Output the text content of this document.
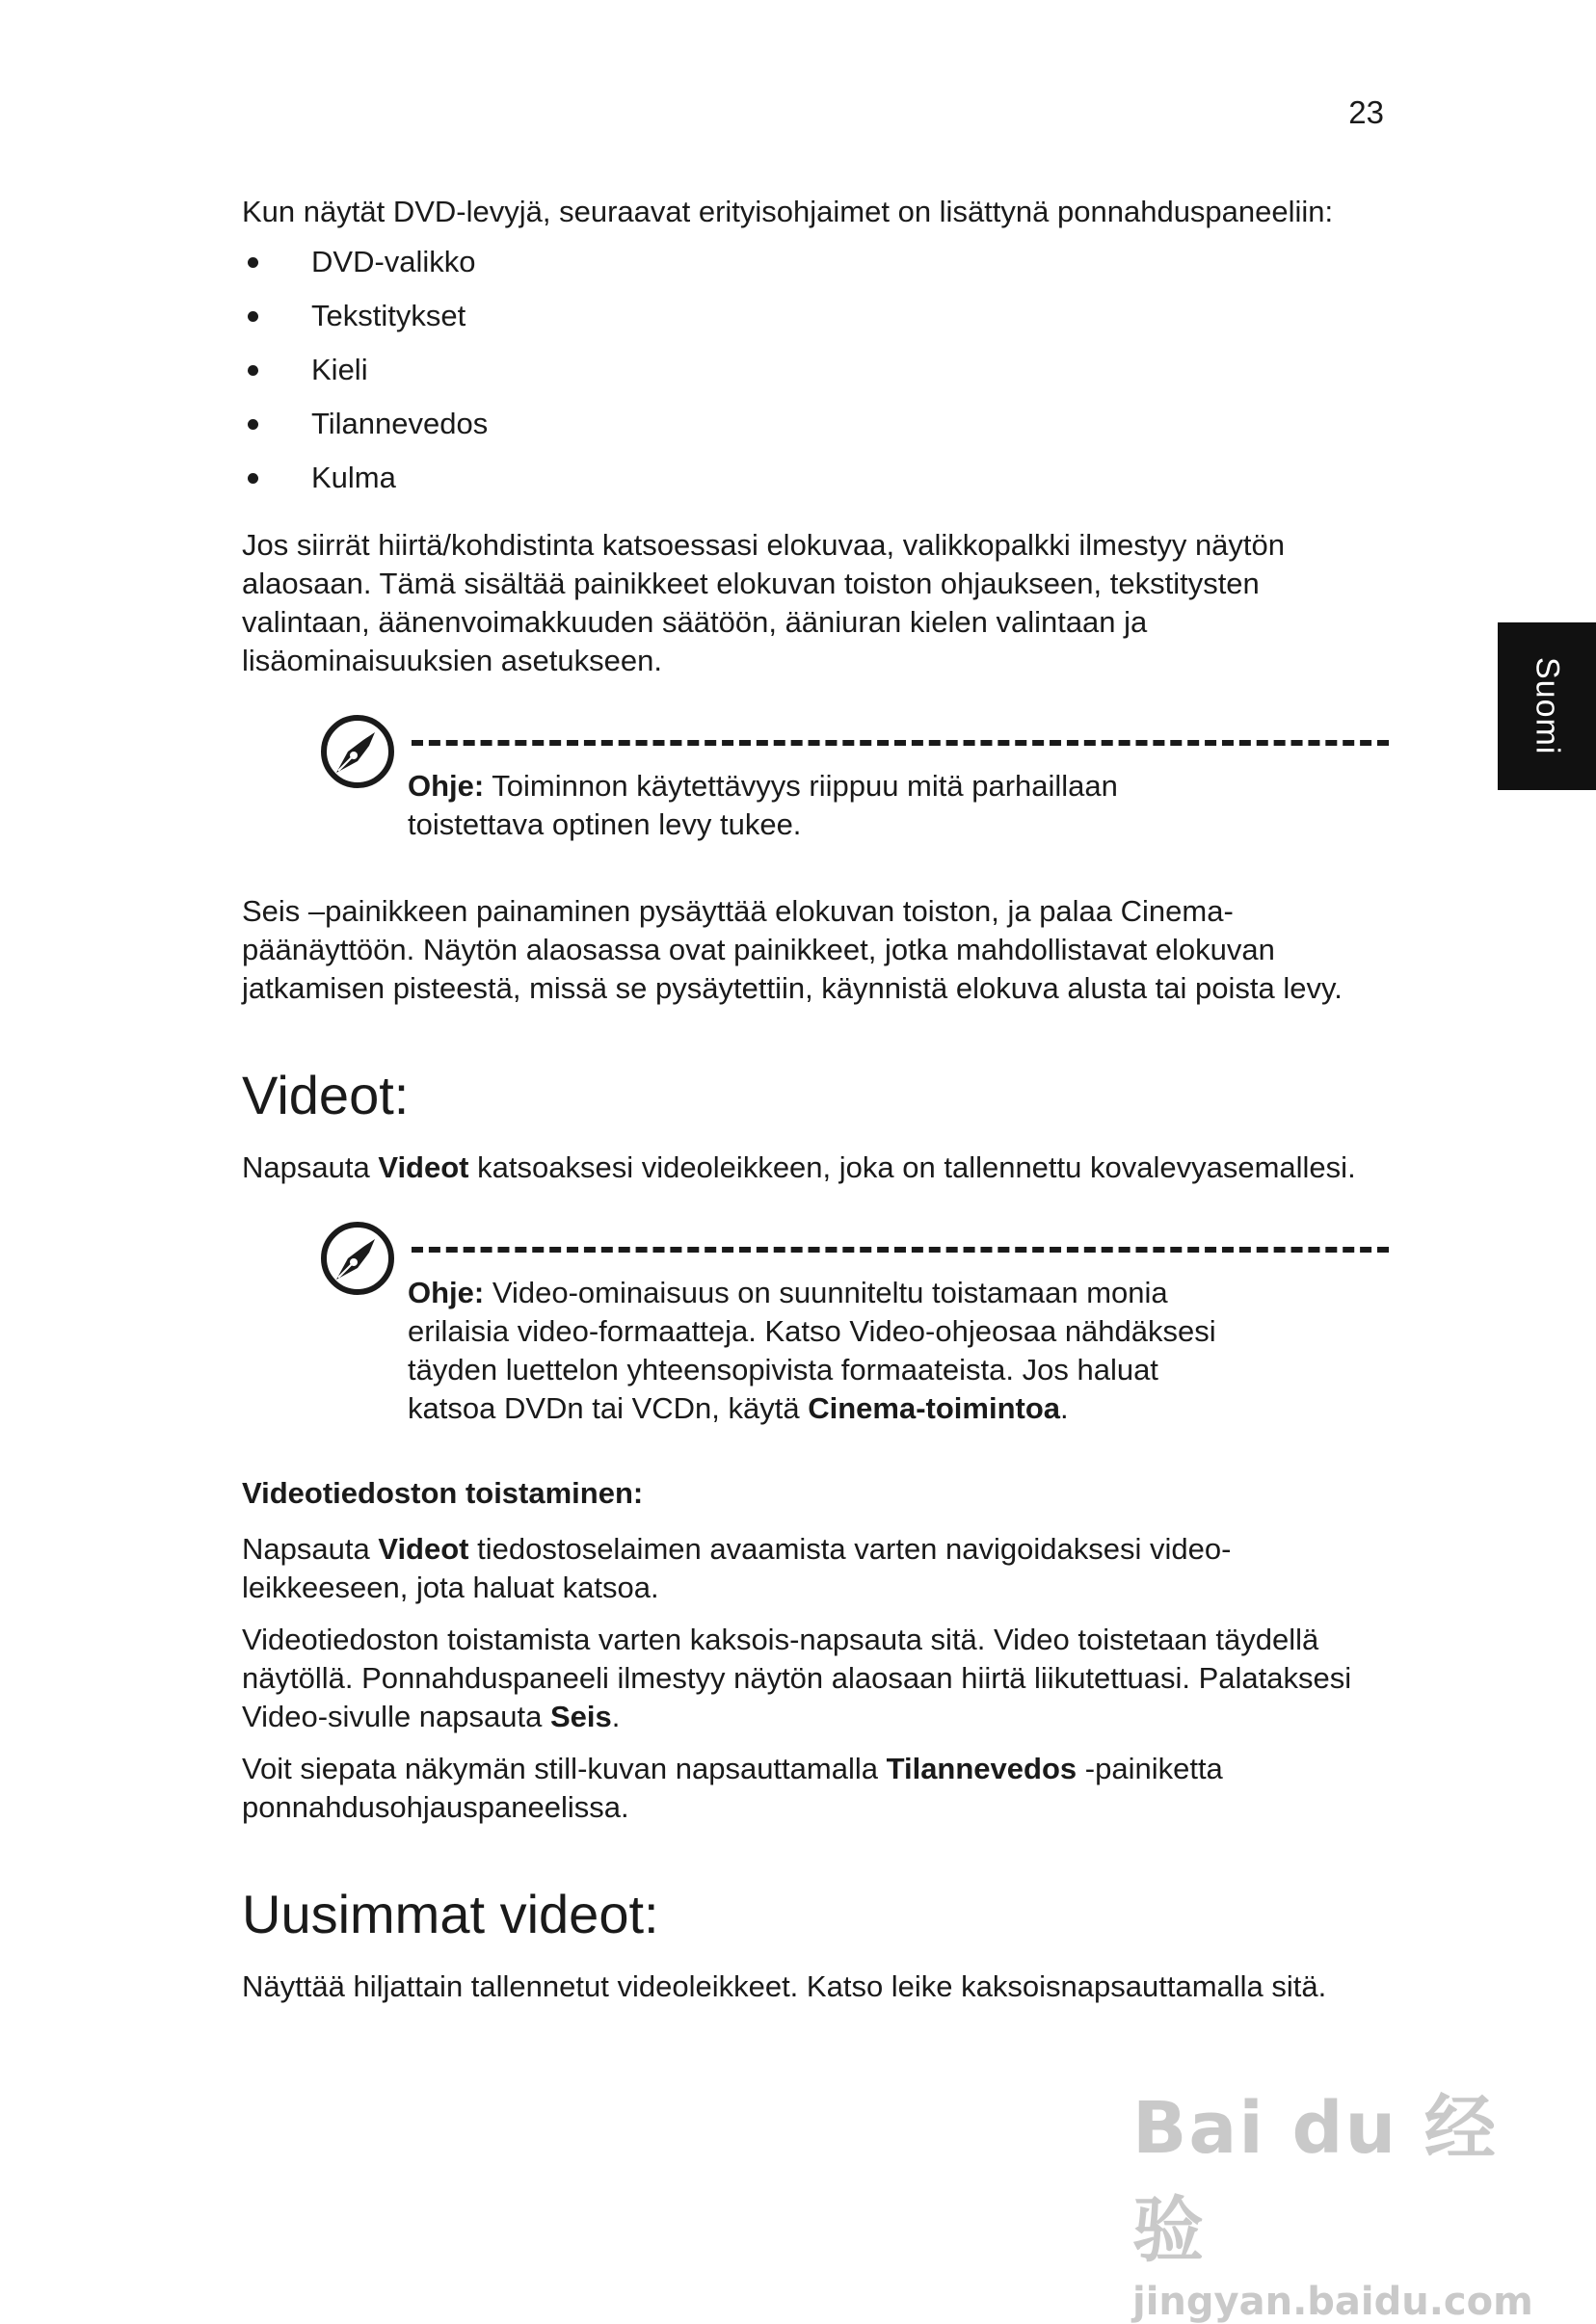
23
Suomi

Kun näytät DVD-levyjä, seuraavat erityisohjaimet on lisättynä ponnahduspaneeliin:

DVD-valikko
Tekstitykset
Kieli
Tilannevedos
Kulma

Jos siirrät hiirtä/kohdistinta katsoessasi elokuvaa, valikkopalkki ilmestyy näytön alaosaan. Tämä sisältää painikkeet elokuvan toiston ohjaukseen, tekstitysten valintaan, äänenvoimakkuuden säätöön, ääniuran kielen valintaan ja lisäominaisuuksien asetukseen.

Ohje: Toiminnon käytettävyys riippuu mitä parhaillaan toistettava optinen levy tukee.

Seis –painikkeen painaminen pysäyttää elokuvan toiston, ja palaa Cinema-päänäyttöön. Näytön alaosassa ovat painikkeet, jotka mahdollistavat elokuvan jatkamisen pisteestä, missä se pysäytettiin, käynnistä elokuva alusta tai poista levy.

Videot:

Napsauta Videot katsoaksesi videoleikkeen, joka on tallennettu kovalevyasemallesi.

Ohje: Video-ominaisuus on suunniteltu toistamaan monia erilaisia video-formaatteja. Katso Video-ohjeosaa nähdäksesi täyden luettelon yhteensopivista formaateista. Jos haluat katsoa DVDn tai VCDn, käytä Cinema-toimintoa.

Videotiedoston toistaminen:

Napsauta Videot tiedostoselaimen avaamista varten navigoidaksesi video-leikkeeseen, jota haluat katsoa.

Videotiedoston toistamista varten kaksois-napsauta sitä. Video toistetaan täydellä näytöllä. Ponnahduspaneeli ilmestyy näytön alaosaan hiirtä liikutettuasi. Palataksesi Video-sivulle napsauta Seis.

Voit siepata näkymän still-kuvan napsauttamalla Tilannevedos -painiketta ponnahdusohjauspaneelissa.

Uusimmat videot:

Näyttää hiljattain tallennetut videoleikkeet. Katso leike kaksoisnapsauttamalla sitä.

Bai du 经验
jingyan.baidu.com
